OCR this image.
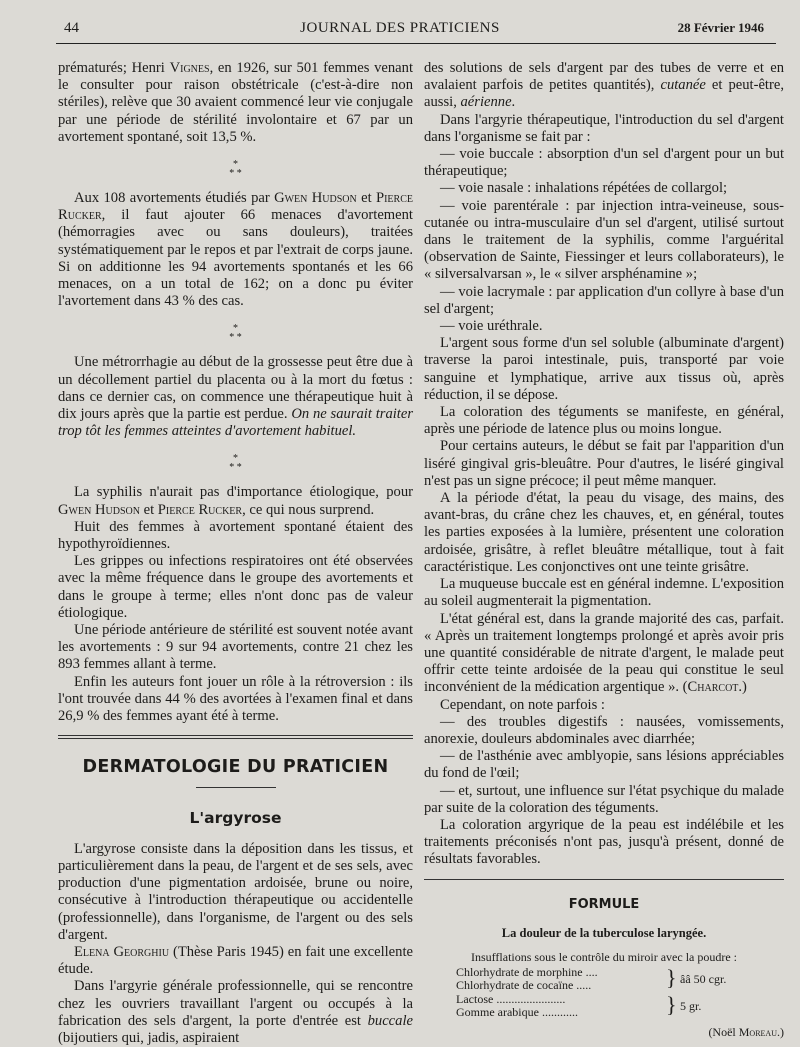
44	JOURNAL DES PRATICIENS	28 Février 1946

prématurés; Henri Vignes, en 1926, sur 501 femmes venant le consulter pour raison obstétricale (c'est-à-dire non stériles), relève que 30 avaient commencé leur vie conjugale par une période de stérilité involontaire et 67 par un avortement spontané, soit 13,5 %.

*
* *

Aux 108 avortements étudiés par Gwen Hudson et Pierce Rucker, il faut ajouter 66 menaces d'avortement (hémorragies avec ou sans douleurs), traitées systématiquement par le repos et par l'extrait de corps jaune. Si on additionne les 94 avortements spontanés et les 66 menaces, on a un total de 162; on a donc pu éviter l'avortement dans 43 % des cas.

*
* *

Une métrorrhagie au début de la grossesse peut être due à un décollement partiel du placenta ou à la mort du fœtus : dans ce dernier cas, on commence une thérapeutique huit à dix jours après que la partie est perdue. On ne saurait traiter trop tôt les femmes atteintes d'avortement habituel.

*
* *

La syphilis n'aurait pas d'importance étiologique, pour Gwen Hudson et Pierce Rucker, ce qui nous surprend.

Huit des femmes à avortement spontané étaient des hypothyroïdiennes.

Les grippes ou infections respiratoires ont été observées avec la même fréquence dans le groupe des avortements et dans le groupe à terme; elles n'ont donc pas de valeur étiologique.

Une période antérieure de stérilité est souvent notée avant les avortements : 9 sur 94 avortements, contre 21 chez les 893 femmes allant à terme.

Enfin les auteurs font jouer un rôle à la rétroversion : ils l'ont trouvée dans 44 % des avortées à l'examen final et dans 26,9 % des femmes ayant été à terme.

DERMATOLOGIE DU PRATICIEN
L'argyrose

L'argyrose consiste dans la déposition dans les tissus, et particulièrement dans la peau, de l'argent et de ses sels, avec production d'une pigmentation ardoisée, brune ou noire, consécutive à l'introduction thérapeutique ou accidentelle (professionnelle), dans l'organisme, de l'argent ou des sels d'argent.

Elena Georghiu (Thèse Paris 1945) en fait une excellente étude.

Dans l'argyrie générale professionnelle, qui se rencontre chez les ouvriers travaillant l'argent ou occupés à la fabrication des sels d'argent, la porte d'entrée est buccale (bijoutiers qui, jadis, aspiraient

des solutions de sels d'argent par des tubes de verre et en avalaient parfois de petites quantités), cutanée et peut-être, aussi, aérienne.

Dans l'argyrie thérapeutique, l'introduction du sel d'argent dans l'organisme se fait par :

— voie buccale : absorption d'un sel d'argent pour un but thérapeutique;

— voie nasale : inhalations répétées de collargol;

— voie parentérale : par injection intra-veineuse, sous-cutanée ou intra-musculaire d'un sel d'argent, utilisé surtout dans le traitement de la syphilis, comme l'arguérital (observation de Sainte, Fiessinger et leurs collaborateurs), le « silversalvarsan », le « silver arsphénamine »;

— voie lacrymale : par application d'un collyre à base d'un sel d'argent;

— voie uréthrale.

L'argent sous forme d'un sel soluble (albuminate d'argent) traverse la paroi intestinale, puis, transporté par voie sanguine et lymphatique, arrive aux tissus où, après réduction, il se dépose.

La coloration des téguments se manifeste, en général, après une période de latence plus ou moins longue.

Pour certains auteurs, le début se fait par l'apparition d'un liséré gingival gris-bleuâtre. Pour d'autres, le liséré gingival n'est pas un signe précoce; il peut même manquer.

A la période d'état, la peau du visage, des mains, des avant-bras, du crâne chez les chauves, et, en général, toutes les parties exposées à la lumière, présentent une coloration ardoisée, grisâtre, à reflet bleuâtre métallique, tout à fait caractéristique. Les conjonctives ont une teinte grisâtre.

La muqueuse buccale est en général indemne. L'exposition au soleil augmenterait la pigmentation.

L'état général est, dans la grande majorité des cas, parfait. « Après un traitement longtemps prolongé et après avoir pris une quantité considérable de nitrate d'argent, le malade peut offrir cette teinte ardoisée de la peau qui constitue le seul inconvénient de la médication argentique ». (Charcot.)

Cependant, on note parfois :

— des troubles digestifs : nausées, vomissements, anorexie, douleurs abdominales avec diarrhée;

— de l'asthénie avec amblyopie, sans lésions appréciables du fond de l'œil;

— et, surtout, une influence sur l'état psychique du malade par suite de la coloration des téguments.

La coloration argyrique de la peau est indélébile et les traitements préconisés n'ont pas, jusqu'à présent, donné de résultats favorables.

FORMULE
La douleur de la tuberculose laryngée.
Insufflations sous le contrôle du miroir avec la poudre :
Chlorhydrate de morphine ....	} ââ 50 cgr.
Chlorhydrate de cocaïne .....
Lactose .......................	} 5 gr.
Gomme arabique ............
(Noël Moreau.)
